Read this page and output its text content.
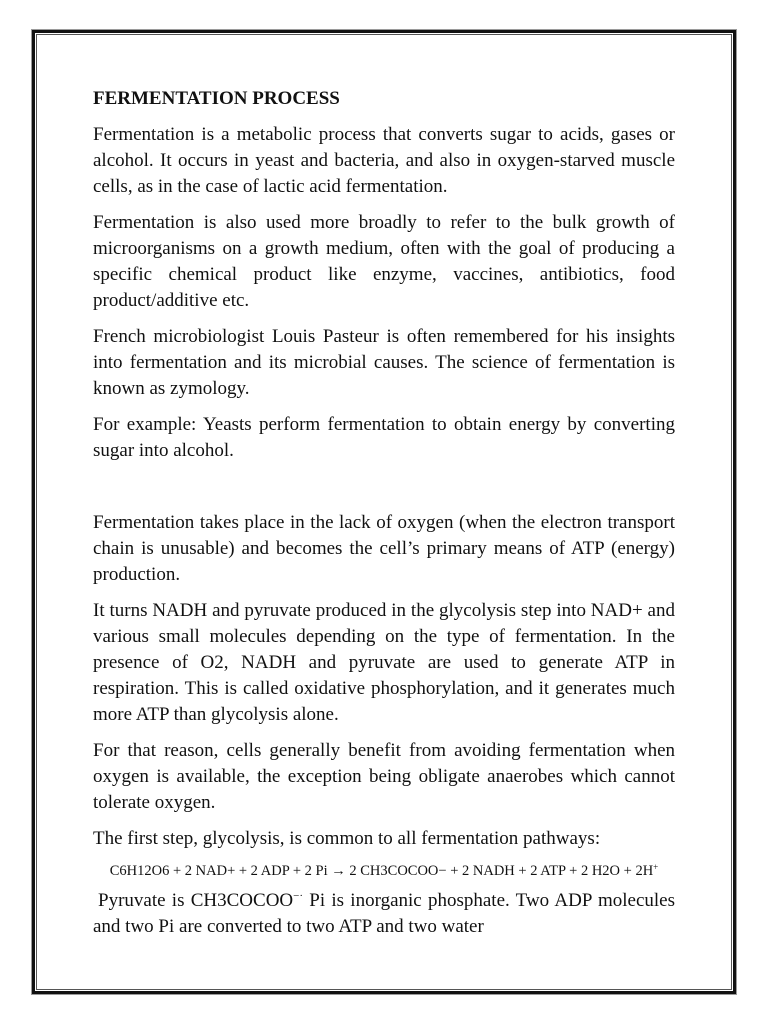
FERMENTATION PROCESS

Fermentation is a metabolic process that converts sugar to acids, gases or alcohol. It occurs in yeast and bacteria, and also in oxygen-starved muscle cells, as in the case of lactic acid fermentation.

Fermentation is also used more broadly to refer to the bulk growth of microorganisms on a growth medium, often with the goal of producing a specific chemical product like enzyme, vaccines, antibiotics, food product/additive etc.

French microbiologist Louis Pasteur is often remembered for his insights into fermentation and its microbial causes. The science of fermentation is known as zymology.

For example: Yeasts perform fermentation to obtain energy by converting sugar into alcohol.

Fermentation takes place in the lack of oxygen (when the electron transport chain is unusable) and becomes the cell’s primary means of ATP (energy) production.

It turns NADH and pyruvate produced in the glycolysis step into NAD+ and various small molecules depending on the type of fermentation. In the presence of O2, NADH and pyruvate are used to generate ATP in respiration. This is called oxidative phosphorylation, and it generates much more ATP than glycolysis alone.

For that reason, cells generally benefit from avoiding fermentation when oxygen is available, the exception being obligate anaerobes which cannot tolerate oxygen.

The first step, glycolysis, is common to all fermentation pathways:

C6H12O6 + 2 NAD+ + 2 ADP + 2 Pi → 2 CH3COCOO− + 2 NADH + 2 ATP + 2 H2O + 2H+

Pyruvate is CH3COCOO−· Pi is inorganic phosphate. Two ADP molecules and two Pi are converted to two ATP and two water
